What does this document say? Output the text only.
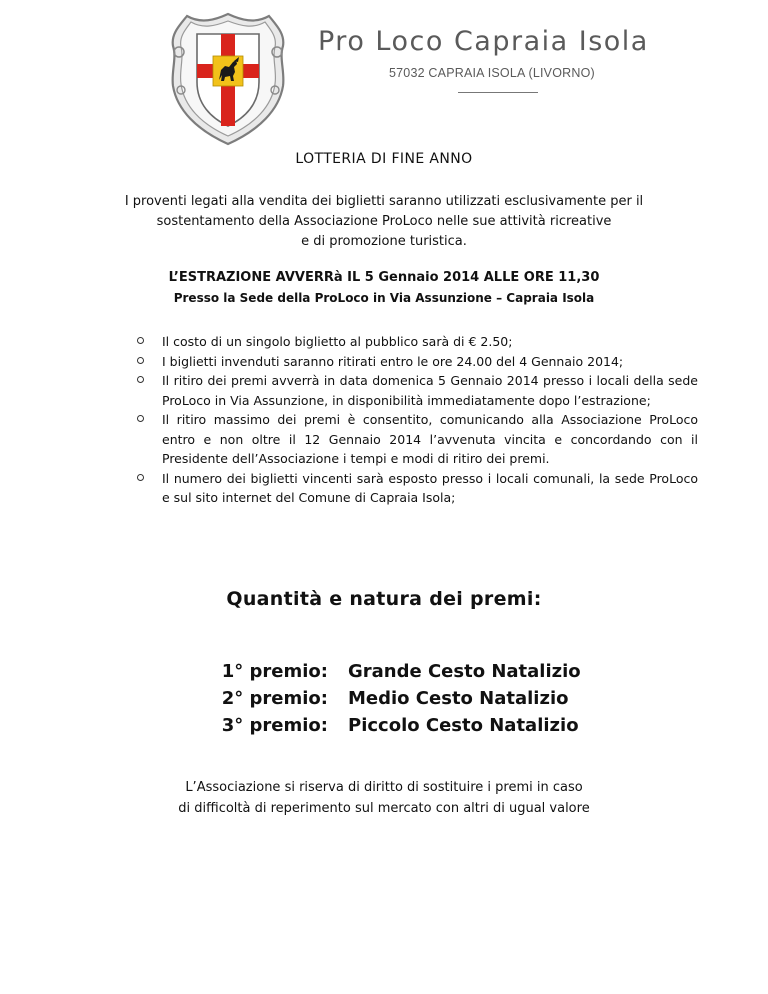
Pro Loco Capraia Isola
57032 CAPRAIA ISOLA (LIVORNO)
LOTTERIA DI FINE ANNO
I proventi legati alla vendita dei biglietti saranno utilizzati esclusivamente per il
sostentamento della Associazione ProLoco nelle sue attività ricreative
e di promozione turistica.
L’ESTRAZIONE AVVERRà IL 5 Gennaio 2014 ALLE ORE 11,30
Presso la Sede della ProLoco in Via Assunzione – Capraia Isola
Il costo di un singolo biglietto al pubblico sarà di € 2.50;
I biglietti invenduti saranno ritirati entro le ore 24.00 del 4 Gennaio 2014;
Il ritiro dei premi avverrà in data domenica 5 Gennaio 2014 presso i locali della sede ProLoco in Via Assunzione, in disponibilità immediatamente dopo l’estrazione;
Il ritiro massimo dei premi è consentito, comunicando alla Associazione ProLoco entro e non oltre il 12 Gennaio 2014 l’avvenuta vincita e concordando con il Presidente dell’Associazione i tempi e modi di ritiro dei premi.
Il numero dei biglietti vincenti sarà esposto presso i locali comunali, la sede ProLoco e sul sito internet del Comune di Capraia Isola;
Quantità e natura dei premi:
1° premio:	Grande Cesto Natalizio
2° premio:	Medio Cesto Natalizio
3° premio:	Piccolo Cesto Natalizio
L’Associazione si riserva di diritto di sostituire i premi in caso
di difficoltà di reperimento sul mercato con altri di ugual valore
